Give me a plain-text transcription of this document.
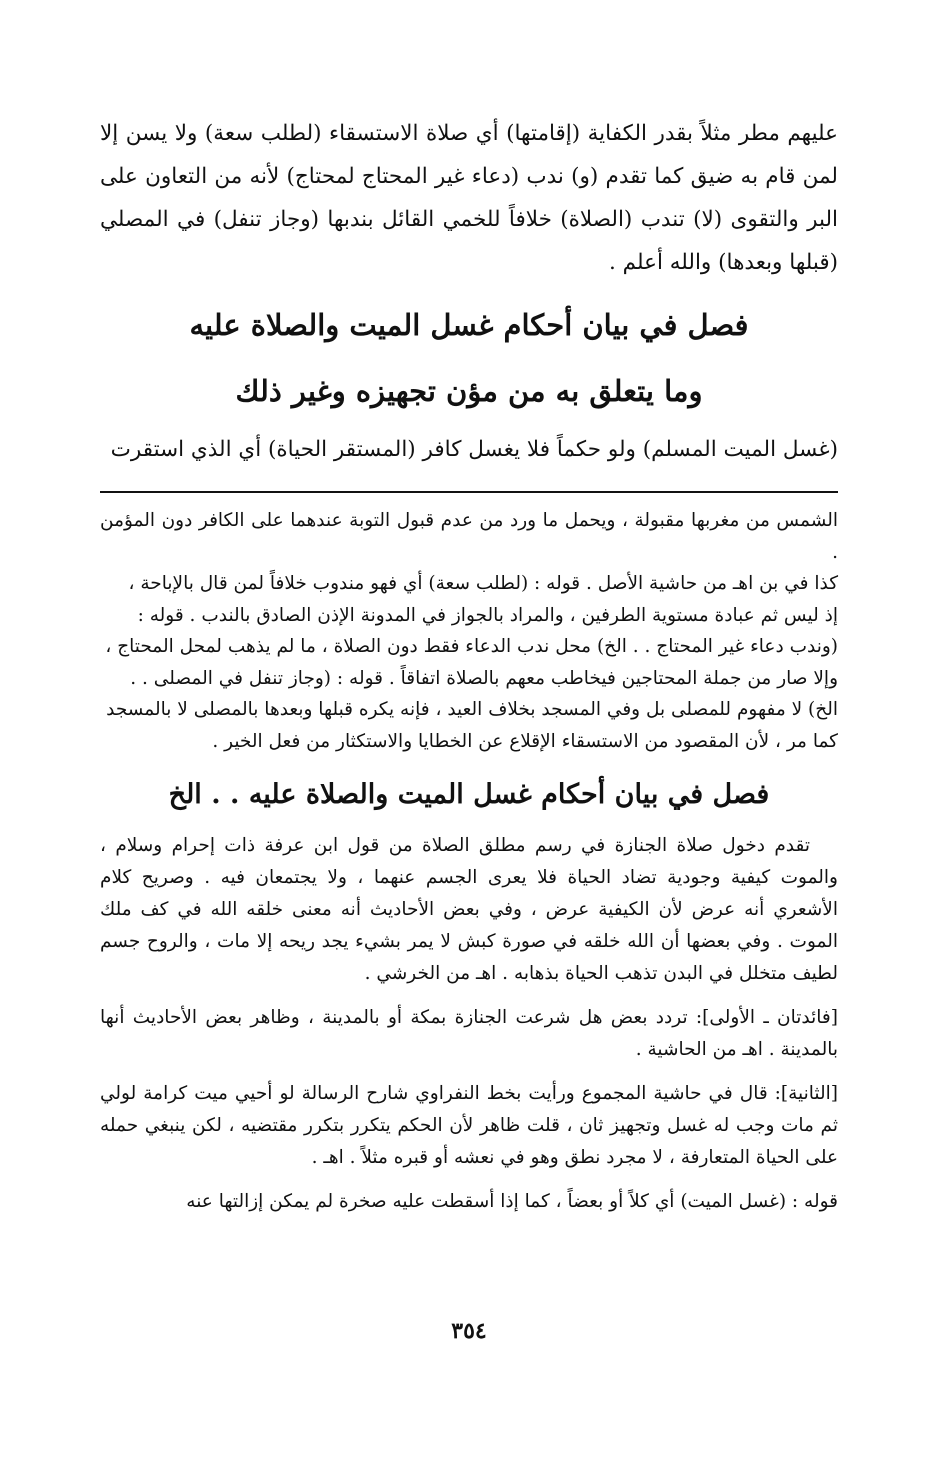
عليهم مطر مثلاً بقدر الكفاية (إقامتها) أي صلاة الاستسقاء (لطلب سعة) ولا يسن إلا لمن قام به ضيق كما تقدم (و) ندب (دعاء غير المحتاج لمحتاج) لأنه من التعاون على البر والتقوى (لا) تندب (الصلاة) خلافاً للخمي القائل بندبها (وجاز تنفل) في المصلي (قبلها وبعدها) والله أعلم .

فصل في بيان أحكام غسل الميت والصلاة عليه
وما يتعلق به من مؤن تجهيزه وغير ذلك

(غسل الميت المسلم) ولو حكماً فلا يغسل كافر (المستقر الحياة) أي الذي استقرت

الشمس من مغربها مقبولة ، ويحمل ما ورد من عدم قبول التوبة عندهما على الكافر دون المؤمن .

كذا في بن اهـ من حاشية الأصل . قوله : (لطلب سعة) أي فهو مندوب خلافاً لمن قال بالإباحة ،

إذ ليس ثم عبادة مستوية الطرفين ، والمراد بالجواز في المدونة الإذن الصادق بالندب . قوله :

(وندب دعاء غير المحتاج . . الخ) محل ندب الدعاء فقط دون الصلاة ، ما لم يذهب لمحل المحتاج ،

وإلا صار من جملة المحتاجين فيخاطب معهم بالصلاة اتفاقاً . قوله : (وجاز تنفل في المصلى . .

الخ) لا مفهوم للمصلى بل وفي المسجد بخلاف العيد ، فإنه يكره قبلها وبعدها بالمصلى لا بالمسجد

كما مر ، لأن المقصود من الاستسقاء الإقلاع عن الخطايا والاستكثار من فعل الخير .

فصل في بيان أحكام غسل الميت والصلاة عليه . . الخ

تقدم دخول صلاة الجنازة في رسم مطلق الصلاة من قول ابن عرفة ذات إحرام وسلام ، والموت كيفية وجودية تضاد الحياة فلا يعرى الجسم عنهما ، ولا يجتمعان فيه . وصريح كلام الأشعري أنه عرض لأن الكيفية عرض ، وفي بعض الأحاديث أنه معنى خلقه الله في كف ملك الموت . وفي بعضها أن الله خلقه في صورة كبش لا يمر بشيء يجد ريحه إلا مات ، والروح جسم لطيف متخلل في البدن تذهب الحياة بذهابه . اهـ من الخرشي .

[فائدتان ـ الأولى]: تردد بعض هل شرعت الجنازة بمكة أو بالمدينة ، وظاهر بعض الأحاديث أنها بالمدينة . اهـ من الحاشية .

[الثانية]: قال في حاشية المجموع ورأيت بخط النفراوي شارح الرسالة لو أحيي ميت كرامة لولي ثم مات وجب له غسل وتجهيز ثان ، قلت ظاهر لأن الحكم يتكرر بتكرر مقتضيه ، لكن ينبغي حمله على الحياة المتعارفة ، لا مجرد نطق وهو في نعشه أو قبره مثلاً . اهـ .

قوله : (غسل الميت) أي كلاً أو بعضاً ، كما إذا أسقطت عليه صخرة لم يمكن إزالتها عنه

٣٥٤
